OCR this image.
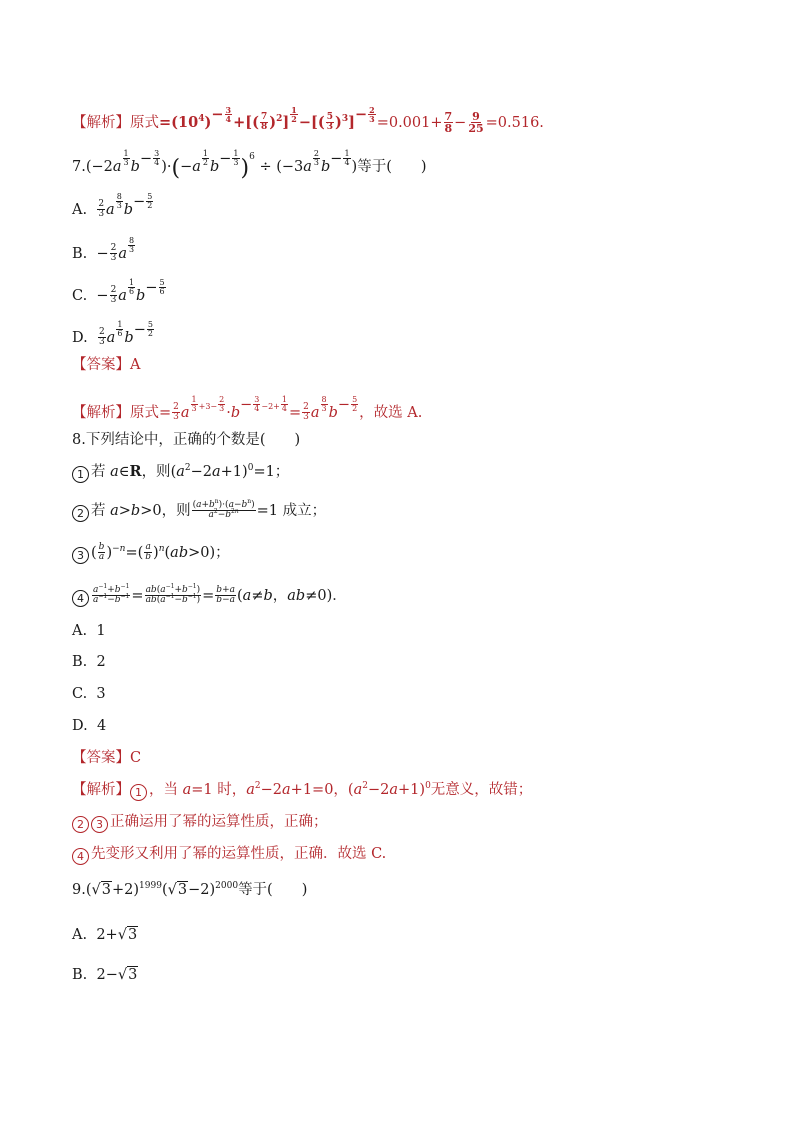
【解析】原式$=(10^4)- \frac{3}{4}$ +[( $\frac{7}{8} )^2] \frac{1}{2}$ −[( $\frac{5}{3} )^3]- \frac{2}{3} =0.001+ \frac{7}{8} - \frac{9}{25} =0.516$.
$7.(-2a \frac{1}{3} b- \frac{3}{4} )\cdot(-a \frac{1}{2} b- \frac{1}{3} )^6 \div (-3a \frac{2}{3} b- \frac{1}{4}$ )等于(　　)
A. $\frac{2}{3}$ a $\frac{8}{3} b- \frac{5}{2}$
B.  − $\frac{2}{3}$ a $\frac{8}{3}$
C.  − $\frac{2}{3}$ a $\frac{1}{6} b- \frac{5}{6}$
D. $\frac{2}{3}$ a $\frac{1}{6} b- \frac{5}{2}$
【答案】A
【解析】原式= $\frac{2}{3}$ a $\frac{1}{3} +3- \frac{2}{3} \cdot b- \frac{3}{4} -2+ \frac{1}{4} = \frac{2}{3}$ a $\frac{8}{3} b- \frac{5}{2}$ ，故选 A.
8.下列结论中，正确的个数是(　　)
1 若 a∈R，则$(a^2-2a+1)^0=1$；
2 若 a>b>0，则 $\frac{(a+b^n)\cdot(a-b^n)}{a^2-b^{2n}} =1$ 成立；
3 ( $\frac{b}{a} )^{-n}=( \frac{a}{b} )^n(ab>0)$；
$4 \frac{a^{-1}+b^{-1}}{a^{-1}-b^{-1}} = \frac{ab(a^{-1}+b^{-1})}{ab(a^{-1}-b^{-1})} = \frac{b+a}{b-a} (a\ne b$，ab≠0)．
A. 1
B. 2
C. 3
D. 4
【答案】C
【解析】 1 ，当 a=1 时，$a^2-2a+1=0$，$(a^2-2a+1)^0$无意义，故错；
2 3 正确运用了幂的运算性质，正确；
4 先变形又利用了幂的运算性质，正确．故选 C.
$9.(√3+2)^{1999}(√3-2)^{2000}$等于(　　)
A. 2+√3
B. 2−√3
